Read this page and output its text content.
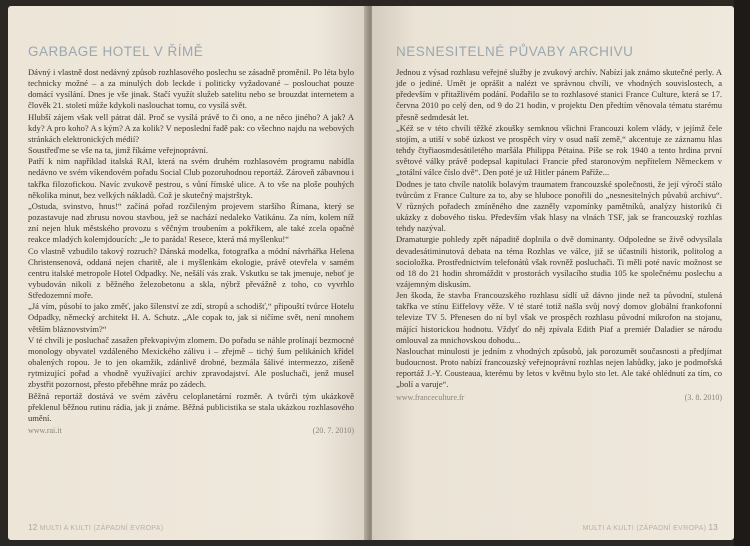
GARBAGE HOTEL V ŘÍMĚ

Dávný i vlastně dost nedávný způsob rozhlasového poslechu se zásadně proměnil. Po léta bylo technicky možné – a za minulých dob leckde i politicky vyžadované – poslouchat pouze domácí vysílání. Dnes je vše jinak. Stačí využít služeb satelitu nebo se brouzdat internetem a člověk 21. století může kdykoli naslouchat tomu, co vysílá svět.

Hlubší zájem však vell pátrat dál. Proč se vysílá právě to či ono, a ne něco jiného? A jak? A kdy? A pro koho? A s kým? A za kolik? V neposlední řadě pak: co všechno najdu na webových stránkách elektronických médií?

Soustřeďme se vše na ta, jimž říkáme veřejnoprávní.

Patří k nim například italská RAI, která na svém druhém rozhlasovém programu nabídla nedávno ve svém víkendovém pořadu Social Club pozoruhodnou reportáž. Zároveň zábavnou i takřka filozofickou. Navíc zvukově pestrou, s vůní římské ulice. A to vše na ploše pouhých několika minut, bez velkých nákladů. Což je skutečný majstrštyk.

„Ostuda, svinstvo, hnus!“ začíná pořad rozčileným projevem staršího Římana, který se pozastavuje nad zbrusu novou stavbou, jež se nachází nedaleko Vatikánu. Za ním, kolem níž zní nejen hluk městského provozu s věčným troubením a pokřikem, ale také zcela opačné reakce mladých kolemjdoucích: „Je to paráda! Resece, která má myšlenku!“

Co vlastně vzbudilo takový rozruch? Dánská modelka, fotografka a módní návrhářka Helena Christensenová, oddaná nejen charitě, ale i myšlenkám ekologie, právě otevřela v samém centru italské metropole Hotel Odpadky. Ne, nešálí vás zrak. Vskutku se tak jmenuje, neboť je vybudován nikoli z běžného železobetonu a skla, nýbrž převážně z toho, co vyvrhlo Středozemní moře.

„Já vím, působí to jako změť, jako šílenství ze zdí, stropů a schodišť,“ připouští tvůrce Hotelu Odpadky, německý architekt H. A. Schutz. „Ale copak to, jak si ničíme svět, není mnohem větším bláznovstvím?“

V té chvíli je posluchač zasažen překvapivým zlomem. Do pořadu se náhle prolínají bezmocné monology obyvatel vzdáleného Mexického zálivu i – zřejmě – tichý šum pelikáních křídel obalených ropou. Je to jen okamžik, zdánlivě drobné, bezmála šálivé intermezzo, zišeně rytmizující pořad a vhodně využívající archiv zpravodajství. Ale posluchači, jenž musel zbystřit pozornost, přesto přeběhne mráz po zádech.

Běžná reportáž dostává ve svém závěru celoplanetární rozměr. A tvůrči tým ukázkově překlenul běžnou rutinu rádia, jak ji známe. Běžná publicistika se stala ukázkou rozhlasového umění.

www.rai.it	(20. 7. 2010)
12 MULTI A KULTI (ZÁPADNÍ EVROPA)
NESNESITELNÉ PŮVABY ARCHIVU

Jednou z výsad rozhlasu veřejné služby je zvukový archív. Nabízí jak známo skutečné perly. A jde o jediné. Umět je oprášit a nalézt ve správnou chvíli, ve vhodných souvislostech, a především v přitažlivém podání. Podařilo se to rozhlasové stanici France Culture, která se 17. června 2010 po celý den, od 9 do 21 hodin, v projektu Den předtím věnovala tématu starému přesně sedmdesát let.

„Kéž se v této chvíli těžké zkoušky semknou všichni Francouzi kolem vlády, v jejímž čele stojím, a utiší v sobě úzkost ve prospěch víry v osud naší země,“ akcentuje ze záznamu hlas tehdy čtyřiaosmdesátiletého maršála Philippa Pétaina. Píše se rok 1940 a tento hrdina první světové války právě podepsal kapitulaci Francie před staronovým nepřítelem Německem v „totální válce číslo dvě“. Den poté je už Hitler pánem Paříže...

Dodnes je tato chvíle natolik bolavým traumatem francouzské společnosti, že její výročí stálo tvůrcům z France Culture za to, aby se hluboce ponořili do „nesnesitelných půvabů archivu“. V různých pořadech zmíněného dne zazněly vzpomínky pamětníků, analýzy historiků či ukázky z dobového tisku. Především však hlasy na vlnách TSF, jak se francouzský rozhlas tehdy nazýval.

Dramaturgie pohledy zpět nápaditě doplnila o dvě dominanty. Odpoledne se živě odvysílala devadesátiminutová debata na téma Rozhlas ve válce, již se účastnili historik, politolog a socioložka. Prostřednictvím telefonátů však rovněž posluchači. Ti měli poté navíc možnost se od 18 do 21 hodin shromáždit v prostorách vysílacího studia 105 ke společnému poslechu a vzájemným diskusím.

Jen škoda, že stavba Francouzského rozhlasu sídlí už dávno jinde než ta původní, stulená takřka ve stínu Eiffelovy věže. V té staré totiž našla svůj nový domov globální frankofonní televize TV 5. Přenesen do ní byl však ve prospěch rozhlasu původní mikrofon na stojanu, májící historickou hodnotu. Vždyť do něj zpívala Edith Piaf a premiér Daladier se národu omlouval za mnichovskou dohodu...

Naslouchat minulosti je jedním z vhodných způsobů, jak porozumět současnosti a předjímat budoucnost. Proto nabízí francouzský veřejnoprávní rozhlas nejen lahůdky, jako je podmořská reportáž J.-Y. Cousteaua, kterému by letos v květnu bylo sto let. Ale také ohlédnutí za tím, co „bolí a varuje“.

www.franceculture.fr	(3. 8. 2010)
MULTI A KULTI (ZÁPADNÍ EVROPA) 13
